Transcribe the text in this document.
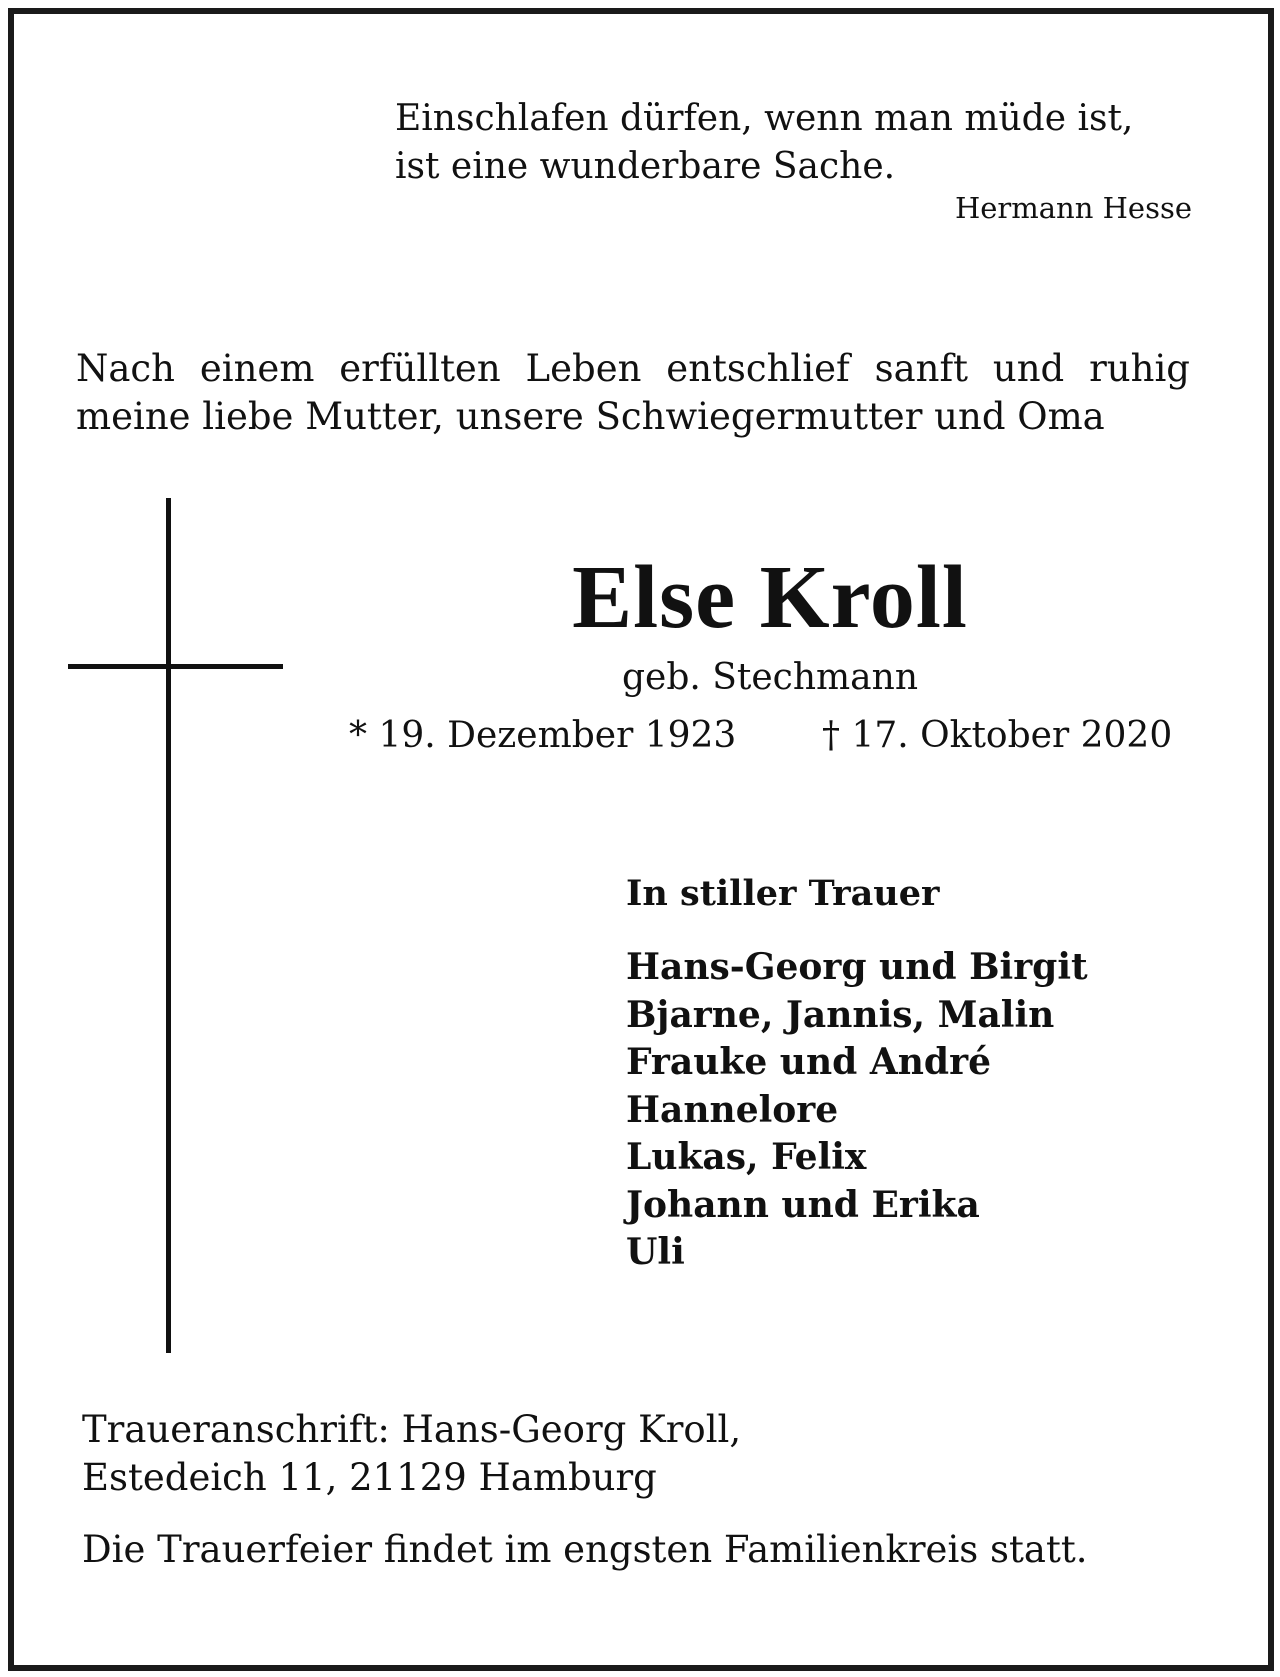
Einschlafen dürfen, wenn man müde ist,
ist eine wunderbare Sache.
Hermann Hesse
Nach einem erfüllten Leben entschlief sanft und ruhig
meine liebe Mutter, unsere Schwiegermutter und Oma
Else Kroll
geb. Stechmann
* 19. Dezember 1923 † 17. Oktober 2020
In stiller Trauer
Hans-Georg und Birgit
Bjarne, Jannis, Malin
Frauke und André
Hannelore
Lukas, Felix
Johann und Erika
Uli
Traueranschrift: Hans-Georg Kroll,
Estedeich 11, 21129 Hamburg
Die Trauerfeier findet im engsten Familienkreis statt.
